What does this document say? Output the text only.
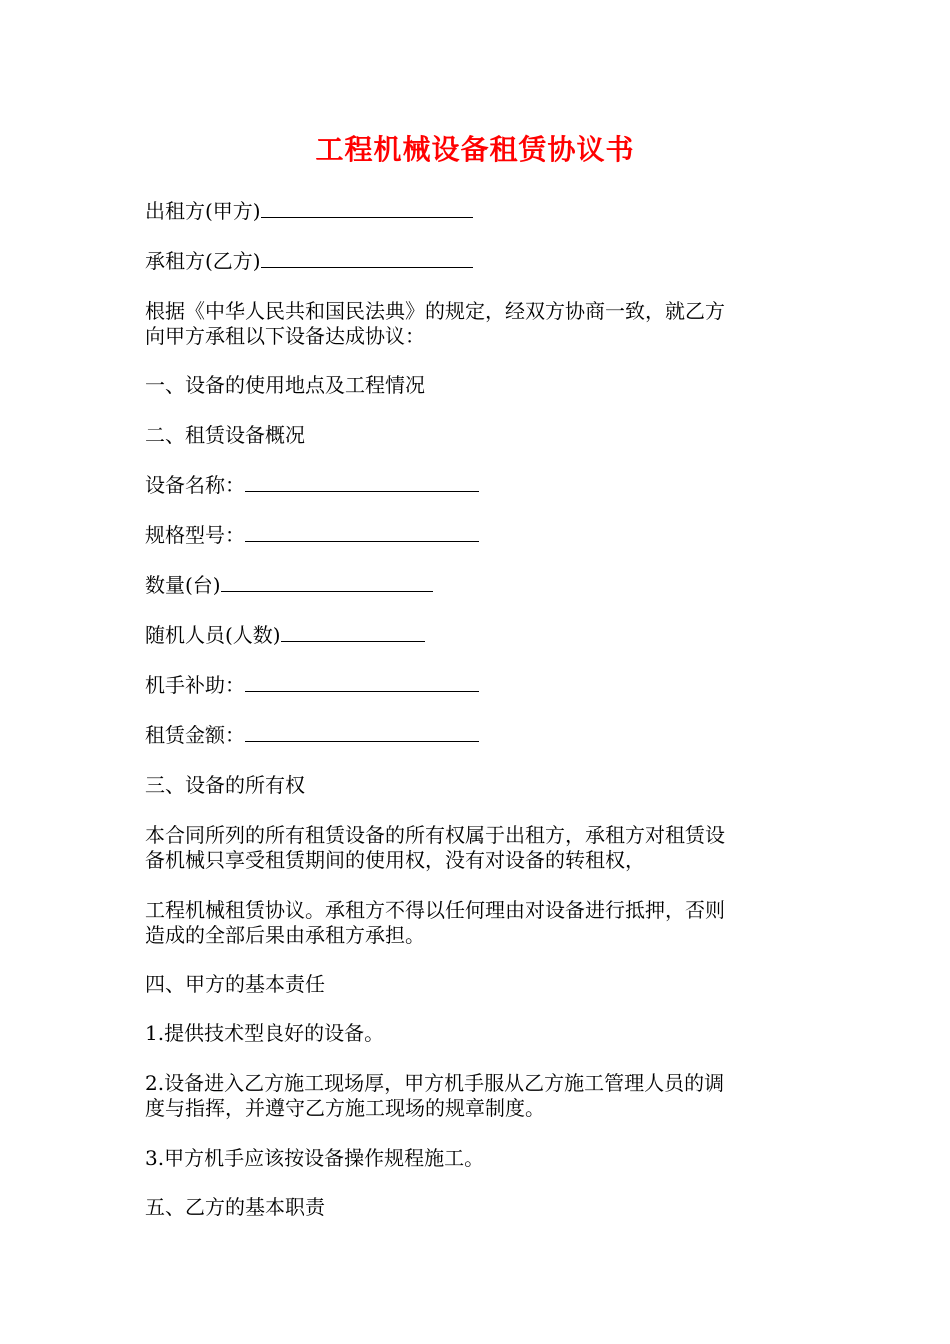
工程机械设备租赁协议书
出租方(甲方)
承租方(乙方)
根据《中华人民共和国民法典》的规定，经双方协商一致，就乙方
向甲方承租以下设备达成协议：
一、设备的使用地点及工程情况
二、租赁设备概况
设备名称：
规格型号：
数量(台)
随机人员(人数)
机手补助：
租赁金额：
三、设备的所有权
本合同所列的所有租赁设备的所有权属于出租方，承租方对租赁设
备机械只享受租赁期间的使用权，没有对设备的转租权，
工程机械租赁协议。承租方不得以任何理由对设备进行抵押，否则
造成的全部后果由承租方承担。
四、甲方的基本责任
1.提供技术型良好的设备。
2.设备进入乙方施工现场厚，甲方机手服从乙方施工管理人员的调
度与指挥，并遵守乙方施工现场的规章制度。
3.甲方机手应该按设备操作规程施工。
五、乙方的基本职责
